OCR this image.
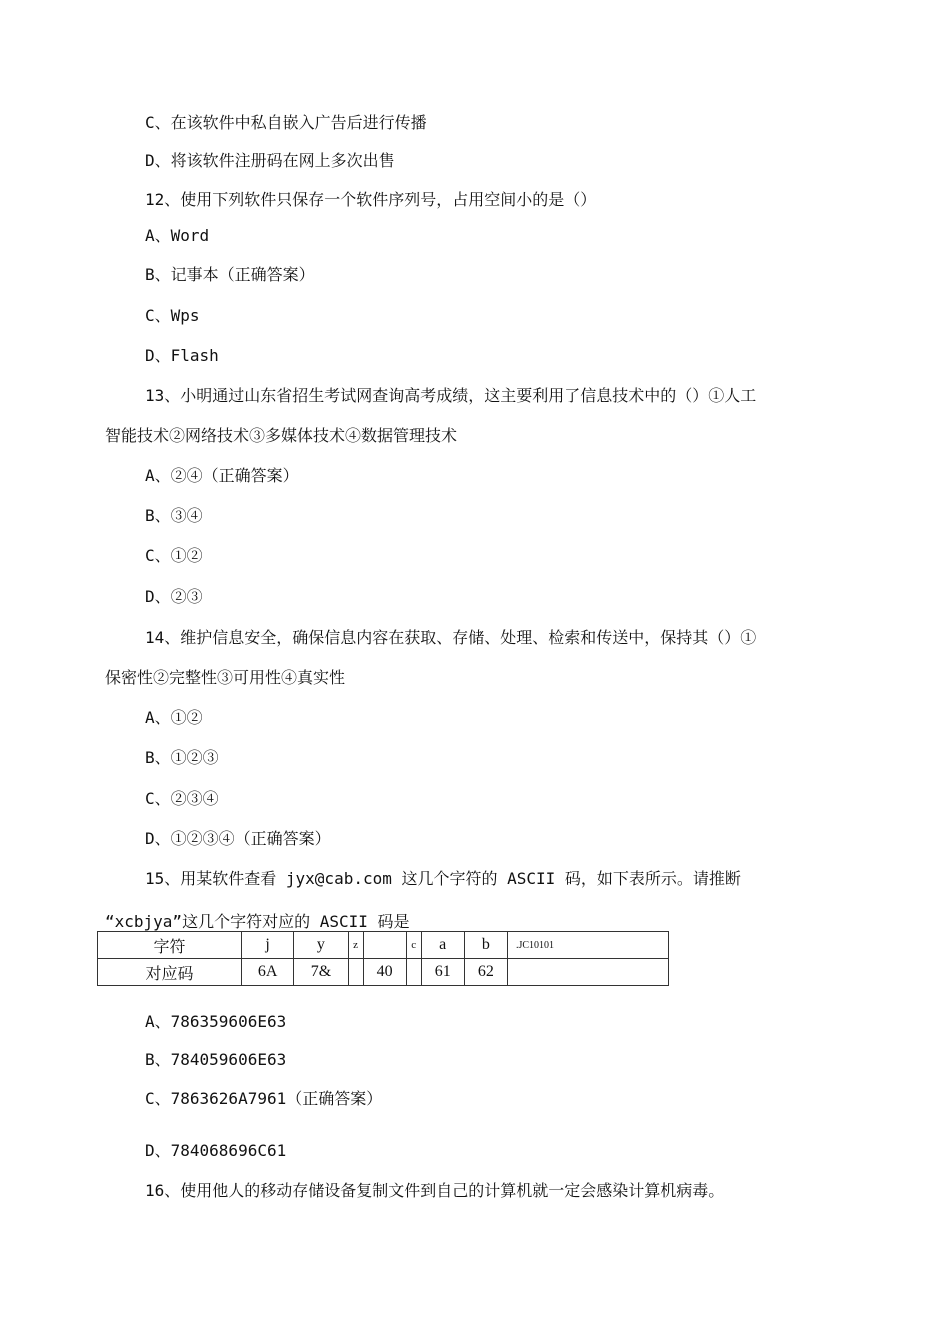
C、在该软件中私自嵌入广告后进行传播
D、将该软件注册码在网上多次出售
12、使用下列软件只保存一个软件序列号，占用空间小的是（）
A、Word
B、记事本（正确答案）
C、Wps
D、Flash
13、小明通过山东省招生考试网查询高考成绩，这主要利用了信息技术中的（）①人工
智能技术②网络技术③多媒体技术④数据管理技术
A、②④（正确答案）
B、③④
C、①②
D、②③
14、维护信息安全，确保信息内容在获取、存储、处理、检索和传送中，保持其（）①
保密性②完整性③可用性④真实性
A、①②
B、①②③
C、②③④
D、①②③④（正确答案）
15、用某软件查看 jyx@cab.com 这几个字符的 ASCII 码，如下表所示。请推断
“xcbjya”这几个字符对应的 ASCII 码是
字符	j	y	z		c	a	b	.JC10101
对应码	6A	7&		40		61	62	
A、786359606E63
B、784059606E63
C、7863626A7961（正确答案）
D、784068696C61
16、使用他人的移动存储设备复制文件到自己的计算机就一定会感染计算机病毒。
